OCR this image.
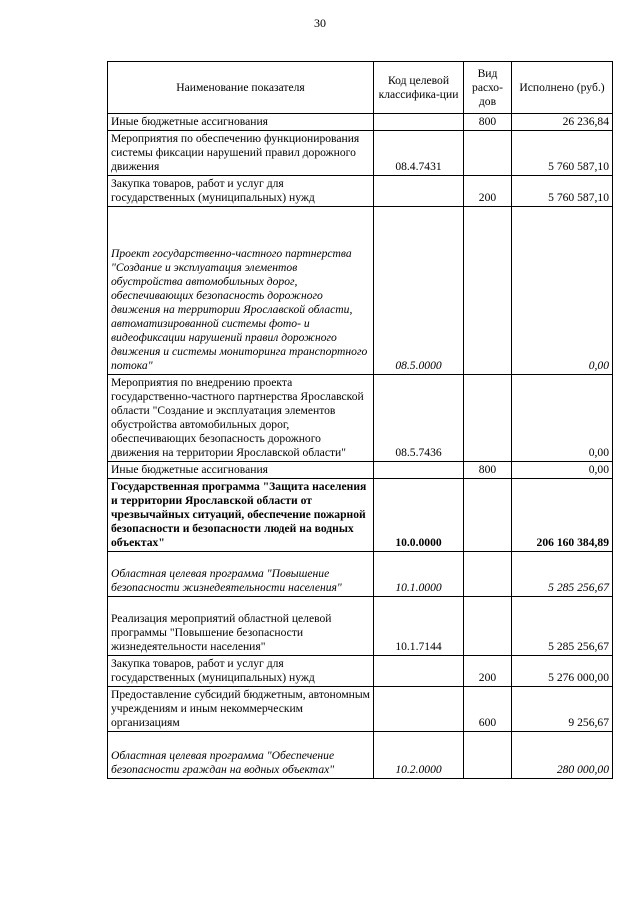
30
Наименование показателя	Код целевой классифика-ции	Вид расхо-дов	Исполнено (руб.)
Иные бюджетные ассигнования		800	26 236,84
Мероприятия по обеспечению функционирования системы фиксации нарушений правил дорожного движения	08.4.7431		5 760 587,10
Закупка товаров, работ и услуг для государственных (муниципальных) нужд		200	5 760 587,10

Проект государственно-частного партнерства "Создание и эксплуатация элементов обустройства автомобильных дорог, обеспечивающих безопасность дорожного движения на территории Ярославской области, автоматизированной системы фото- и видеофиксации нарушений правил дорожного движения и системы мониторинга транспортного потока"	08.5.0000		0,00
Мероприятия по внедрению проекта государственно-частного партнерства Ярославской области "Создание и эксплуатация элементов обустройства автомобильных дорог, обеспечивающих безопасность дорожного движения на территории Ярославской области"	08.5.7436		0,00
Иные бюджетные ассигнования		800	0,00
Государственная программа "Защита населения и территории Ярославской области от чрезвычайных ситуаций, обеспечение пожарной безопасности и безопасности людей на водных объектах"	10.0.0000		206 160 384,89

Областная целевая программа "Повышение безопасности жизнедеятельности населения"	10.1.0000		5 285 256,67

Реализация мероприятий областной целевой программы "Повышение безопасности жизнедеятельности населения"	10.1.7144		5 285 256,67
Закупка товаров, работ и услуг для государственных (муниципальных) нужд		200	5 276 000,00
Предоставление субсидий бюджетным, автономным учреждениям и иным некоммерческим организациям		600	9 256,67

Областная целевая программа "Обеспечение безопасности граждан на водных объектах"	10.2.0000		280 000,00
